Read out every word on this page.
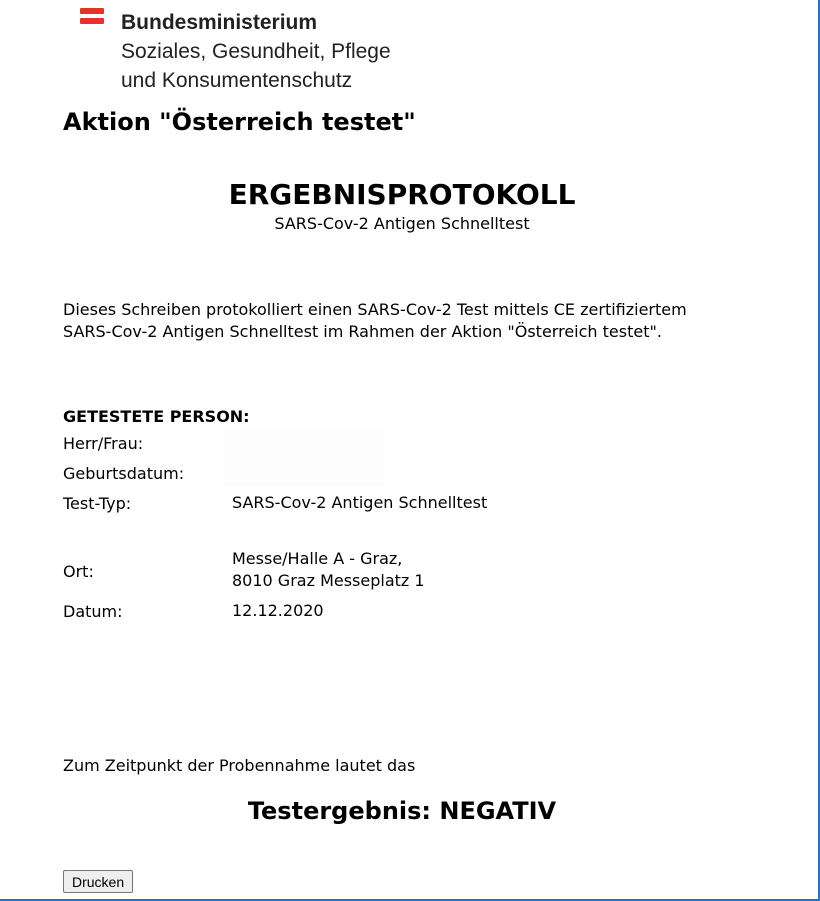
Bundesministerium
Soziales, Gesundheit, Pflege
und Konsumentenschutz
Aktion "Österreich testet"
ERGEBNISPROTOKOLL
SARS-Cov-2 Antigen Schnelltest
Dieses Schreiben protokolliert einen SARS-Cov-2 Test mittels CE zertifiziertem SARS-Cov-2 Antigen Schnelltest im Rahmen der Aktion "Österreich testet".
GETESTETE PERSON:
Herr/Frau:
Geburtsdatum:
Test-Typ:	SARS-Cov-2 Antigen Schnelltest
Ort:
Messe/Halle A - Graz,
8010 Graz Messeplatz 1
Datum:	12.12.2020
Zum Zeitpunkt der Probennahme lautet das
Testergebnis: NEGATIV
Drucken
